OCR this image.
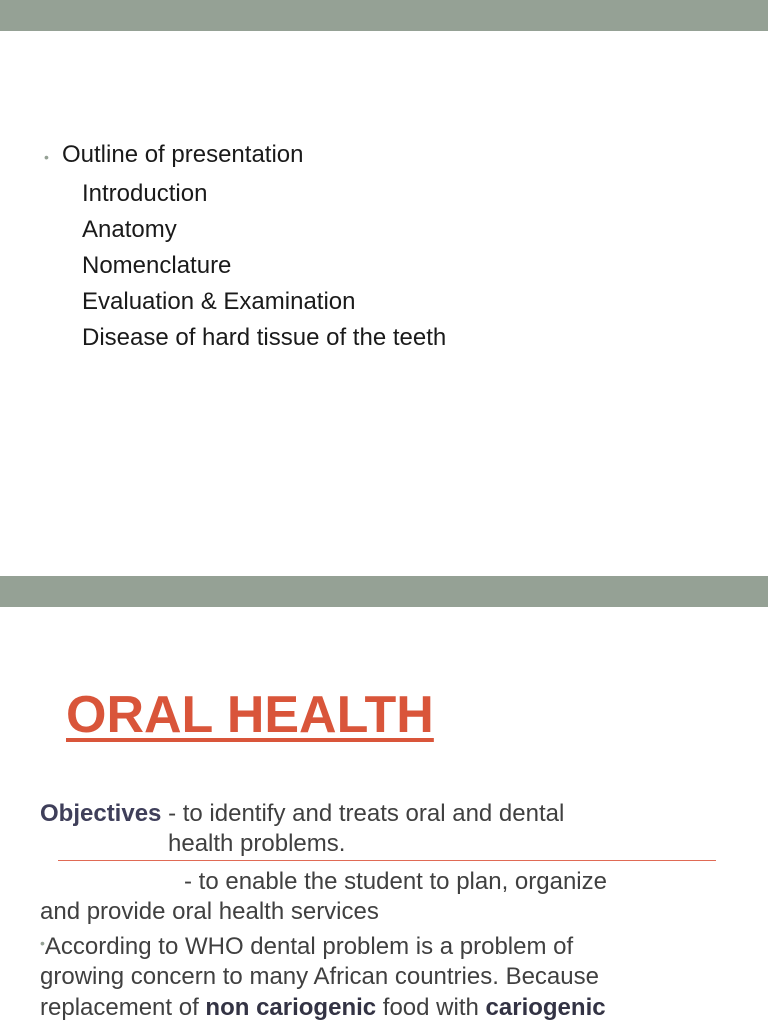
• Outline of presentation
Introduction
Anatomy
Nomenclature
Evaluation & Examination
Disease of hard tissue of the teeth
ORAL HEALTH
Objectives - to identify and treats oral and dental
health problems.
- to enable the student to plan, organize
and provide oral health services
•According to WHO dental problem is a problem of
growing concern to many African countries. Because
replacement of non cariogenic food with cariogenic
